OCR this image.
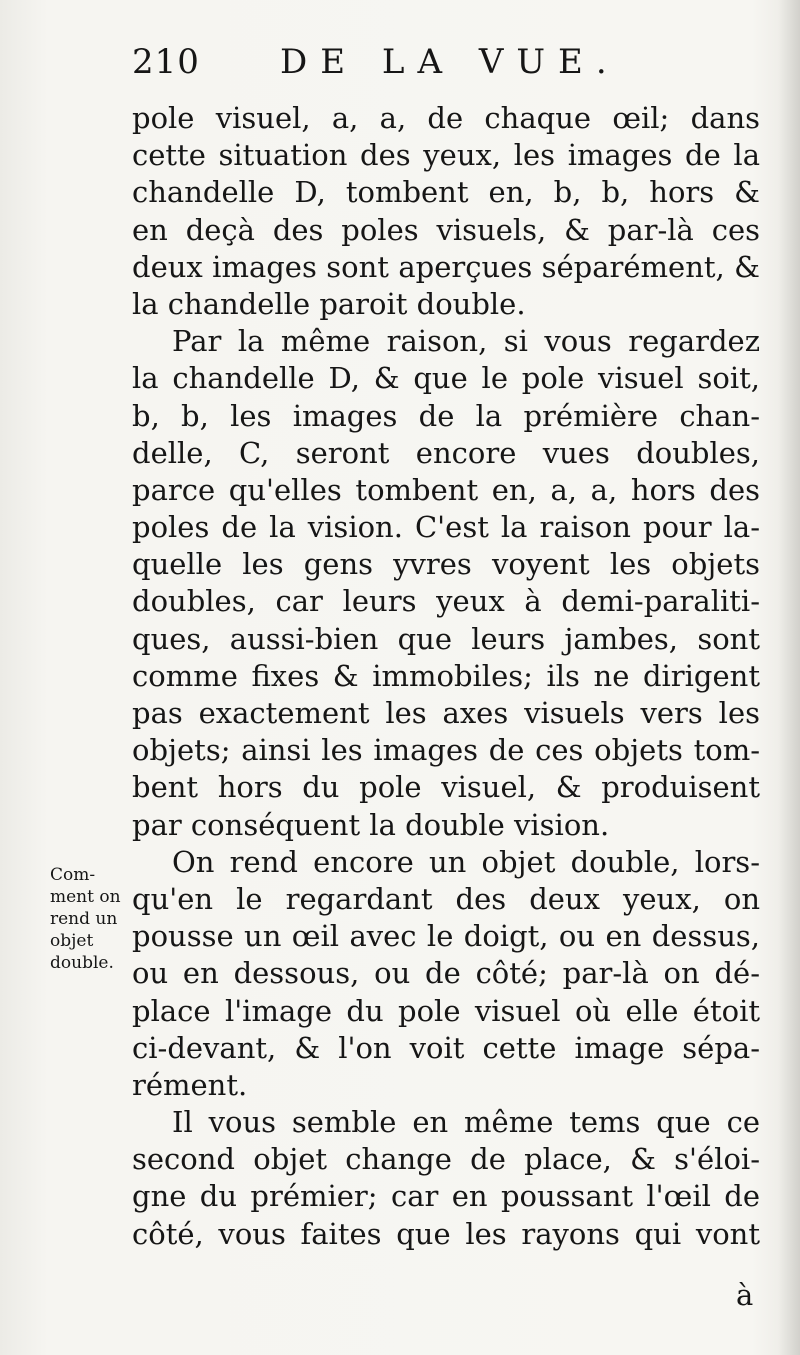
210 DE LA VUE.
pole visuel, a, a, de chaque œil; dans
cette situation des yeux, les images de la
chandelle D, tombent en, b, b, hors &
en deçà des poles visuels, & par-là ces
deux images sont aperçues séparément, &
la chandelle paroit double.
Par la même raison, si vous regardez
la chandelle D, & que le pole visuel soit,
b, b, les images de la prémière chan-
delle, C, seront encore vues doubles,
parce qu'elles tombent en, a, a, hors des
poles de la vision. C'est la raison pour la-
quelle les gens yvres voyent les objets
doubles, car leurs yeux à demi-paraliti-
ques, aussi-bien que leurs jambes, sont
comme fixes & immobiles; ils ne dirigent
pas exactement les axes visuels vers les
objets; ainsi les images de ces objets tom-
bent hors du pole visuel, & produisent
par conséquent la double vision.
On rend encore un objet double, lors-
qu'en le regardant des deux yeux, on
pousse un œil avec le doigt, ou en dessus,
ou en dessous, ou de côté; par-là on dé-
place l'image du pole visuel où elle étoit
ci-devant, & l'on voit cette image sépa-
rément.
Il vous semble en même tems que ce
second objet change de place, & s'éloi-
gne du prémier; car en poussant l'œil de
côté, vous faites que les rayons qui vont
Com-
ment on
rend un
objet
double.
à
